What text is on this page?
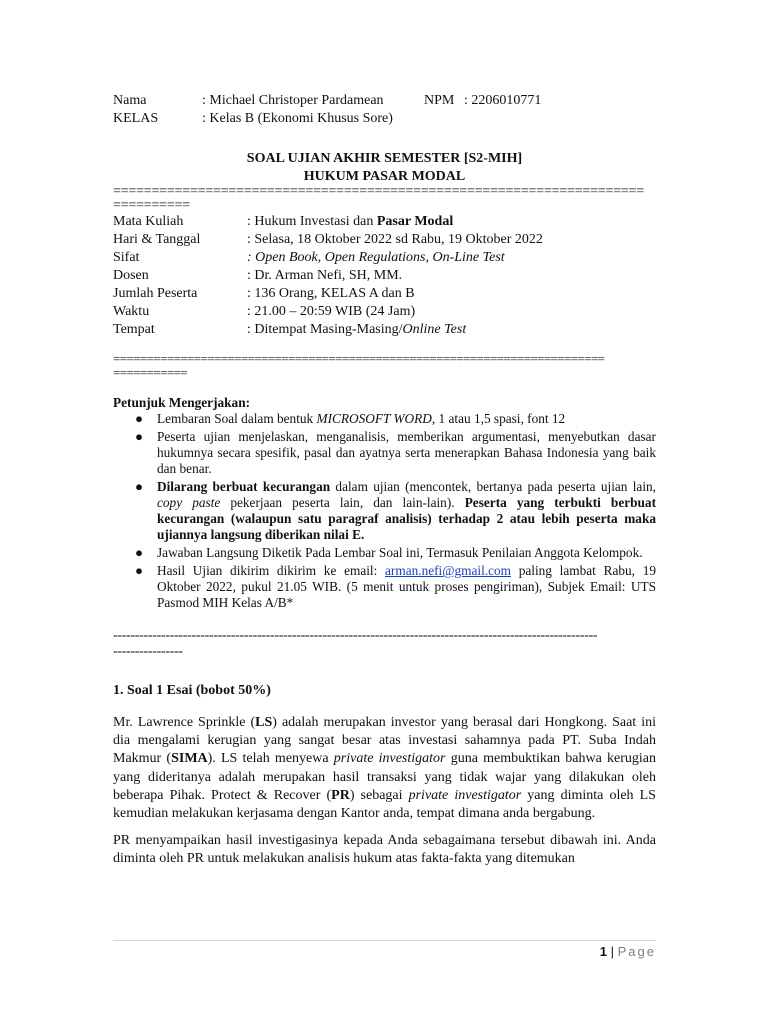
Nama	: Michael Christoper Pardamean	NPM : 2206010771
KELAS	: Kelas B (Ekonomi Khusus Sore)
SOAL UJIAN AKHIR SEMESTER [S2-MIH]
HUKUM PASAR MODAL
=====================================================================
==========
Mata Kuliah	: Hukum Investasi dan Pasar Modal
Hari & Tanggal	: Selasa, 18 Oktober 2022 sd Rabu, 19 Oktober 2022
Sifat	: Open Book, Open Regulations, On-Line Test
Dosen	: Dr. Arman Nefi, SH, MM.
Jumlah Peserta	: 136 Orang, KELAS A dan B
Waktu	: 21.00 – 20:59 WIB (24 Jam)
Tempat	: Ditempat Masing-Masing/Online Test
=========================================================================
===========
Petunjuk Mengerjakan:
● Lembaran Soal dalam bentuk MICROSOFT WORD, 1 atau 1,5 spasi, font 12
● Peserta ujian menjelaskan, menganalisis, memberikan argumentasi, menyebutkan dasar hukumnya secara spesifik, pasal dan ayatnya serta menerapkan Bahasa Indonesia yang baik dan benar.
● Dilarang berbuat kecurangan dalam ujian (mencontek, bertanya pada peserta ujian lain, copy paste pekerjaan peserta lain, dan lain-lain). Peserta yang terbukti berbuat kecurangan (walaupun satu paragraf analisis) terhadap 2 atau lebih peserta maka ujiannya langsung diberikan nilai E.
● Jawaban Langsung Diketik Pada Lembar Soal ini, Termasuk Penilaian Anggota Kelompok.
● Hasil Ujian dikirim dikirim ke email: arman.nefi@gmail.com paling lambat Rabu, 19 Oktober 2022, pukul 21.05 WIB. (5 menit untuk proses pengiriman), Subjek Email: UTS Pasmod MIH Kelas A/B*
---------------------------------------------------------------------------------------------------------------
----------------
1. Soal 1 Esai (bobot 50%)

Mr. Lawrence Sprinkle (LS) adalah merupakan investor yang berasal dari Hongkong. Saat ini dia mengalami kerugian yang sangat besar atas investasi sahamnya pada PT. Suba Indah Makmur (SIMA). LS telah menyewa private investigator guna membuktikan bahwa kerugian yang dideritanya adalah merupakan hasil transaksi yang tidak wajar yang dilakukan oleh beberapa Pihak. Protect & Recover (PR) sebagai private investigator yang diminta oleh LS kemudian melakukan kerjasama dengan Kantor anda, tempat dimana anda bergabung.

PR menyampaikan hasil investigasinya kepada Anda sebagaimana tersebut dibawah ini. Anda diminta oleh PR untuk melakukan analisis hukum atas fakta-fakta yang ditemukan

1 | Page
